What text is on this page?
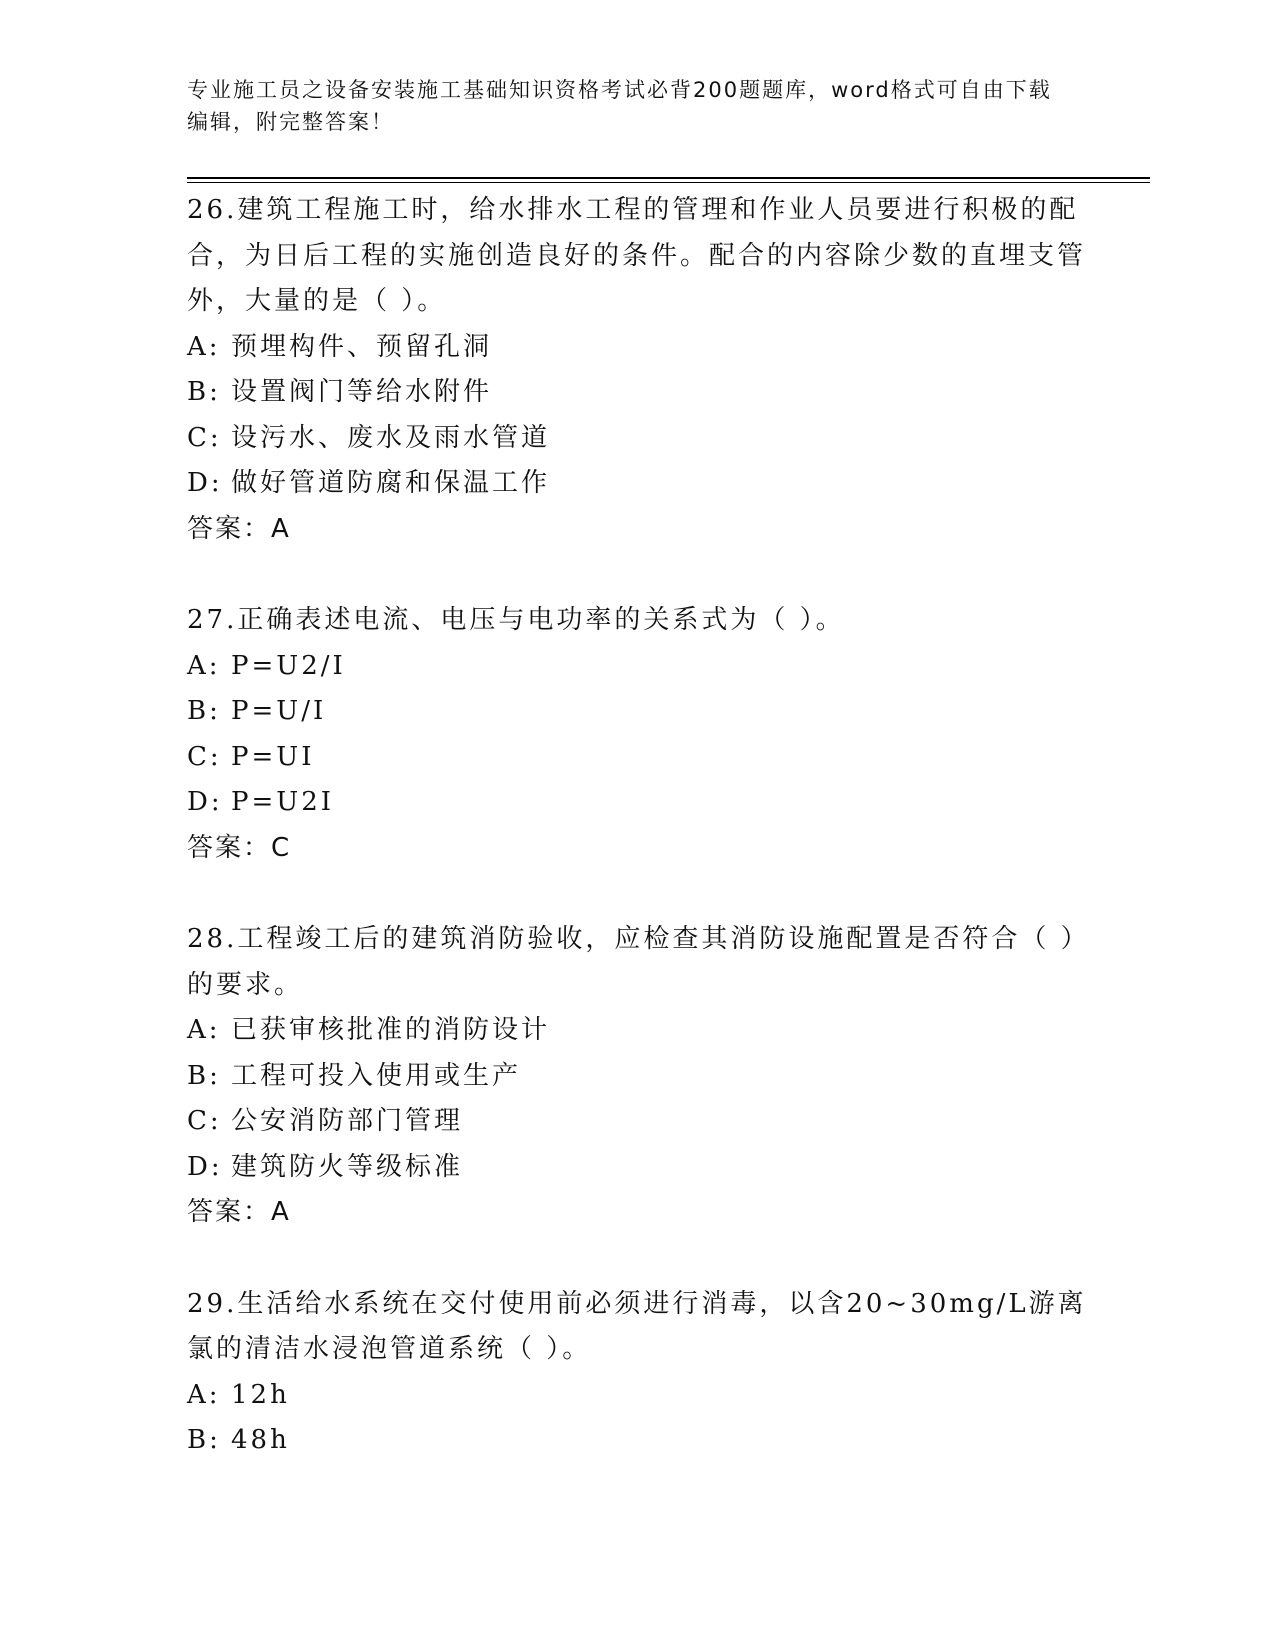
专业施工员之设备安装施工基础知识资格考试必背200题题库，word格式可自由下载编辑，附完整答案！

26.建筑工程施工时，给水排水工程的管理和作业人员要进行积极的配合，为日后工程的实施创造良好的条件。配合的内容除少数的直埋支管外，大量的是（ ）。

A: 预埋构件、预留孔洞

B: 设置阀门等给水附件

C: 设污水、废水及雨水管道

D: 做好管道防腐和保温工作

答案：A

27.正确表述电流、电压与电功率的关系式为（ ）。

A: P=U2/I

B: P=U/I

C: P=UI

D: P=U2I

答案：C

28.工程竣工后的建筑消防验收，应检查其消防设施配置是否符合（ ）的要求。

A: 已获审核批准的消防设计

B: 工程可投入使用或生产

C: 公安消防部门管理

D: 建筑防火等级标准

答案：A

29.生活给水系统在交付使用前必须进行消毒，以含20~30mg/L游离氯的清洁水浸泡管道系统（ ）。

A: 12h

B: 48h
